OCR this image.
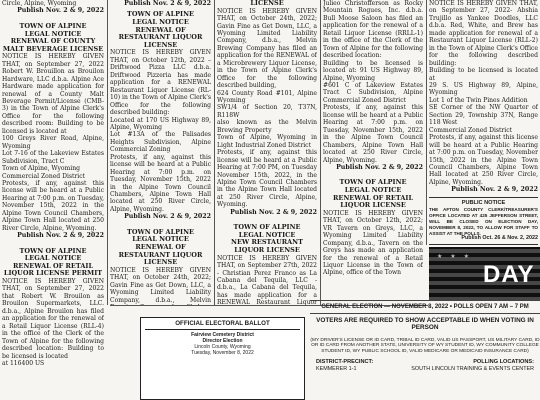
Circle, Alpine, Wyoming

Publish Nov. 2 & 9, 2022

TOWN OF ALPINE

LEGAL NOTICE

RENEWAL OF COUNTY MALT BEVERAGE LICENSE

NOTICE IS HEREBY GIVEN THAT, on September 27, 2022 Robert W. Brouillon as Brouilon Hardware, LLC d.b.a. Alpine Ace Hardware made application for renewal of a County Malt Beverage Permit/License (CMB-3) in the Town of Alpine Clerk's Office for the following described room: Building to be licensed is located at

100 Greys River Road, Alpine, Wyoming

Lot 7-16 of the Lakeview Estates Subdivision, Tract C

Town of Alpine, Wyoming

Commercial Zoned District

Protests, if any, against this license will be heard at a Public Hearing at 7:00 p.m. on Tuesday, November 15th, 2022 in the Alpine Town Council Chambers, Alpine Town Hall located at 250 River Circle, Alpine, Wyoming.

Publish Nov. 2 & 9, 2022

TOWN OF ALPINE

LEGAL NOTICE

RENEWAL OF RETAIL LIQUOR LICENSE PERMIT

NOTICE IS HEREBY GIVEN THAT, on September 27, 2022 that Robert W. Brouilon as Brouilon Supermarkets, LLC. d.b.a., Alpine Brouilon has filed an application for the renewal of a Retail Liquor License (RLL-4) in the office of the Clerk of the Town of Alpine for the following described location: Building to be licensed is located

at 116400 US

Publish Nov. 2 & 9, 2022

TOWN OF ALPINE

LEGAL NOTICE

RENEWAL OF RESTAURANT LIQUOR LICENSE

NOTICE IS HEREBY GIVEN THAT, on October 12th, 2022 –Driftwood Pizza LLC d.b.a. Driftwood Pizzeria has made application for a RENEWAL Restaurant Liquor License (RL-10) in the Town of Alpine Clerk's Office for the following described building:

Located at 170 US Highway 89, Alpine, Wyoming

Lot #13A of the Palisades Heights Subdivision, Alpine Commercial Zoning

Protests, if any, against this license will be heard at a Public Hearing at 7:00 p.m. on Tuesday, November 15th, 2022 in the Alpine Town Council Chambers, Alpine Town Hall located at 250 River Circle, Alpine, Wyoming.

Publish Nov. 2 & 9, 2022

TOWN OF ALPINE

LEGAL NOTICE

RENEWAL OF RESTAURANT LIQUOR LICENSE

NOTICE IS HEREBY GIVEN THAT, on October 24th, 2022; Gavin Fine as Get Down, LLC, a Wyoming Limited Liability Company, d.b.a., Melvin

LICENSE

NOTICE IS HEREBY GIVEN THAT, on October 24th, 2022; Gavin Fine as Get Down, LLC, a Wyoming Limited Liability Company, d.b.a., Melvin Brewing Company has filed an application for the RENEWAL of a Microbrewery Liquor License, in the Town of Alpine Clerk's Office for the following described building,

624 County Road #101, Alpine Wyoming

SW1/4 of Section 20, T37N, R118W

also known as the Melvin Brewing Property

Town of Alpine, Wyoming in Light Industrial Zoned District

Protests, if any, against this license will be heard at a Public Hearing at 7:00 PM, on Tuesday November 15th, 2022, in the Alpine Town Council Chambers in the Alpine Town Hall located at 250 River Circle, Alpine, Wyoming.

Publish Nov. 2 & 9, 2022

TOWN OF ALPINE

LEGAL NOTICE

NEW RESTAURANT LIQUOR LICENSE

NOTICE IS HEREBY GIVEN THAT, on September 27th, 2022 - Christian Perez Franco as La Cabana del Tequila, LLC - d.b.a., La Cabana del Tequila, has made application for a RENEWAL Restaurant Liquor

Julieo Christofferson as Rocky Mountain Rogues, Inc. d.b.a. Bull Moose Saloon has filed an application for the renewal of a Retail Liquor License (RRLL-1) in the office of the Clerk of the Town of Alpine for the following described location:

Building to be licensed is located at: 91 US Highway 89, Alpine, Wyoming

#601 C of Lakeview Estates Tract C Subdivision, Alpine Commercial Zoned District

Protests, if any, against this license will be heard at a Public Hearing at 7:00 p.m. on Tuesday, November 15th, 2022 in the Alpine Town Council Chambers, Alpine Town Hall located at 250 River Circle, Alpine, Wyoming.

Publish Nov. 2 & 9, 2022

TOWN OF ALPINE

LEGAL NOTICE

RENEWAL OF RETAIL LIQUOR LICENSE

NOTICE IS HEREBY GIVEN THAT, on October 12th, 2022; VR Tavern on Greys, LLC, a Wyoming Limited Liability Company, d.b.a., Tavern on the Greys has made an application for the renewal of a Retail Liquor License in the Town of Alpine, office of the Town

NOTICE IS HEREBY GIVEN THAT, on September 27, 2022- Abshia Trujillo as Yankee Doodles, LLC d.b.a. Red, White, and Brew has made application for renewal of a Restaurant Liquor License (RLL-2) in the Town of Alpine Clerk's Office for the following described building:

Building to be licensed is located at

29 S. US Highway 89, Alpine, Wyoming

Lot 1 of the Twin Pines Addition

SE Corner of the NW Quarter of Section 29, Township 37N, Range 118 West

Commercial Zoned District

Protests, if any, against this license will be heard at a Public Hearing at 7:00 p.m. on Tuesday, November 15th, 2022 in the Alpine Town Council Chambers, Alpine Town Hall located at 250 River Circle, Alpine, Wyoming.

Publish Nov. 2 & 9, 2022

PUBLIC NOTICE

THE AFTON COUNTY CLERK/TREASURER'S OFFICE LOCATED AT 425 JEFFERSON STREET, WILL BE CLOSED ON ELECTION DAY, NOVEMBER 8, 2022, TO ALLOW FOR STAFF TO ASSIST AT THE POLLS.

Publish Oct. 26 & Nov. 2, 2022

OFFICIAL ELECTORAL BALLOT
Fairview Cemetery District
Director Election
Lincoln County, Wyoming
Tuesday, November 8, 2022
★ ★ ★
DAY

GENERAL ELECTION — NOVEMBER 8, 2022 • POLLS OPEN 7 AM – 7 PM

VOTERS ARE REQUIRED TO SHOW ACCEPTABLE ID WHEN VOTING IN PERSON

(MY DRIVER'S LICENSE OR ID CARD, TRIBAL ID CARD, VALID US PASSPORT, US MILITARY CARD, ID OR ID CARD FROM ANOTHER STATE, UNIVERSITY OF WY STUDENT ID, WY COMMUNITY COLLEGE STUDENT ID, WY PUBLIC SCHOOL ID, VALID MEDICARE OR MEDICAID INSURANCE CARD)

DISTRICT-PRECINCT:	POLLING LOCATIONS:
KEMMERER 1-1	SOUTH LINCOLN TRAINING & EVENTS CENTER
